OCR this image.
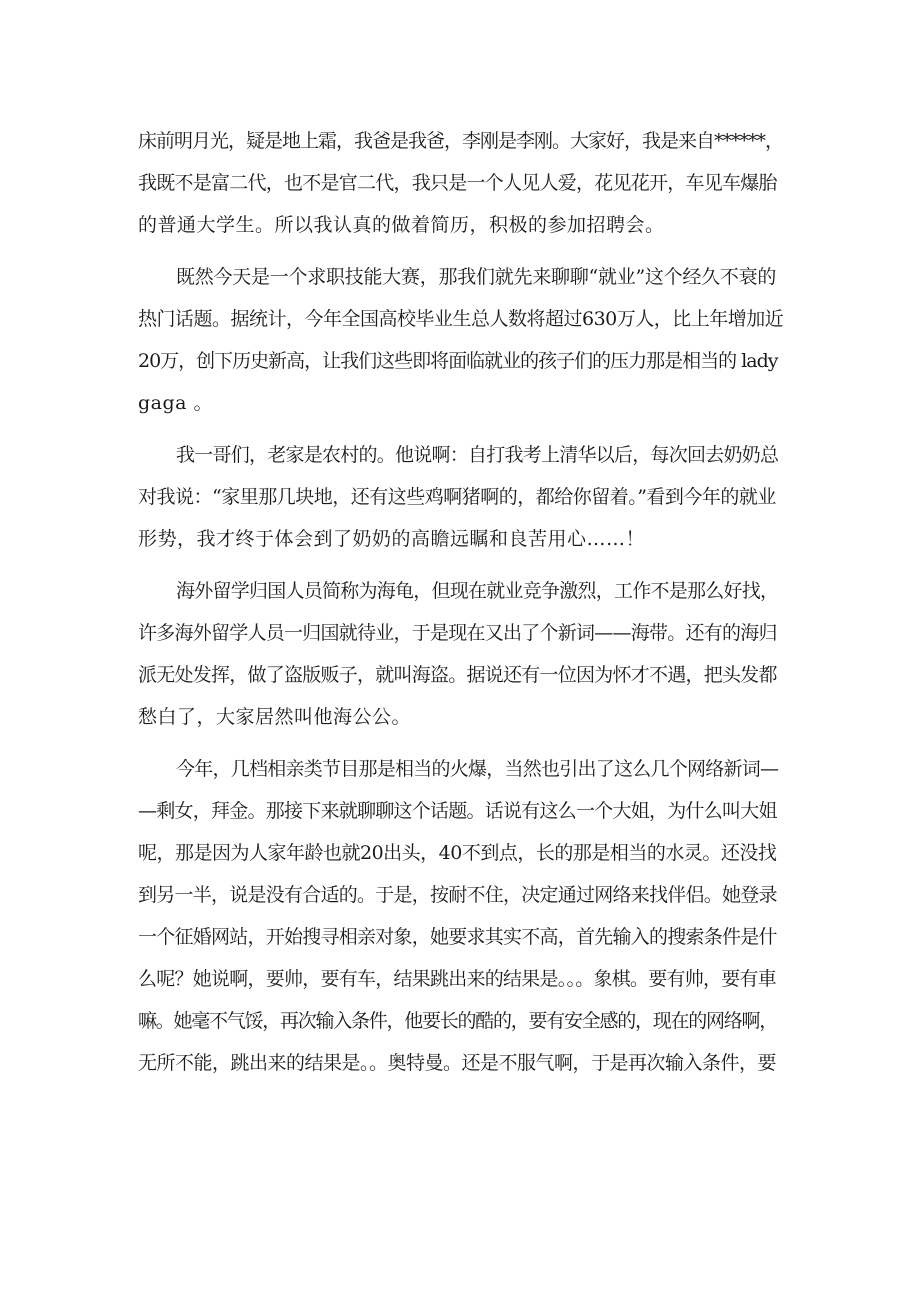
床前明月光，疑是地上霜，我爸是我爸，李刚是李刚。大家好，我是来自******，
我既不是富二代，也不是官二代，我只是一个人见人爱，花见花开，车见车爆胎
的普通大学生。所以我认真的做着简历，积极的参加招聘会。
既然今天是一个求职技能大赛，那我们就先来聊聊“就业”这个经久不衰的
热门话题。据统计，今年全国高校毕业生总人数将超过630万人，比上年增加近
20万，创下历史新高，让我们这些即将面临就业的孩子们的压力那是相当的 lady
gaga 。
我一哥们，老家是农村的。他说啊：自打我考上清华以后，每次回去奶奶总
对我说：“家里那几块地，还有这些鸡啊猪啊的，都给你留着。”看到今年的就业
形势，我才终于体会到了奶奶的高瞻远瞩和良苦用心……！
海外留学归国人员简称为海龟，但现在就业竞争激烈，工作不是那么好找，
许多海外留学人员一归国就待业，于是现在又出了个新词——海带。还有的海归
派无处发挥，做了盗版贩子，就叫海盗。据说还有一位因为怀才不遇，把头发都
愁白了，大家居然叫他海公公。
今年，几档相亲类节目那是相当的火爆，当然也引出了这么几个网络新词—
—剩女，拜金。那接下来就聊聊这个话题。话说有这么一个大姐，为什么叫大姐
呢，那是因为人家年龄也就20出头，40不到点，长的那是相当的水灵。还没找
到另一半，说是没有合适的。于是，按耐不住，决定通过网络来找伴侣。她登录
一个征婚网站，开始搜寻相亲对象，她要求其实不高，首先输入的搜索条件是什
么呢？她说啊，要帅，要有车，结果跳出来的结果是。。。象棋。要有帅，要有車
嘛。她毫不气馁，再次输入条件，他要长的酷的，要有安全感的，现在的网络啊，
无所不能，跳出来的结果是。。奥特曼。还是不服气啊，于是再次输入条件，要
